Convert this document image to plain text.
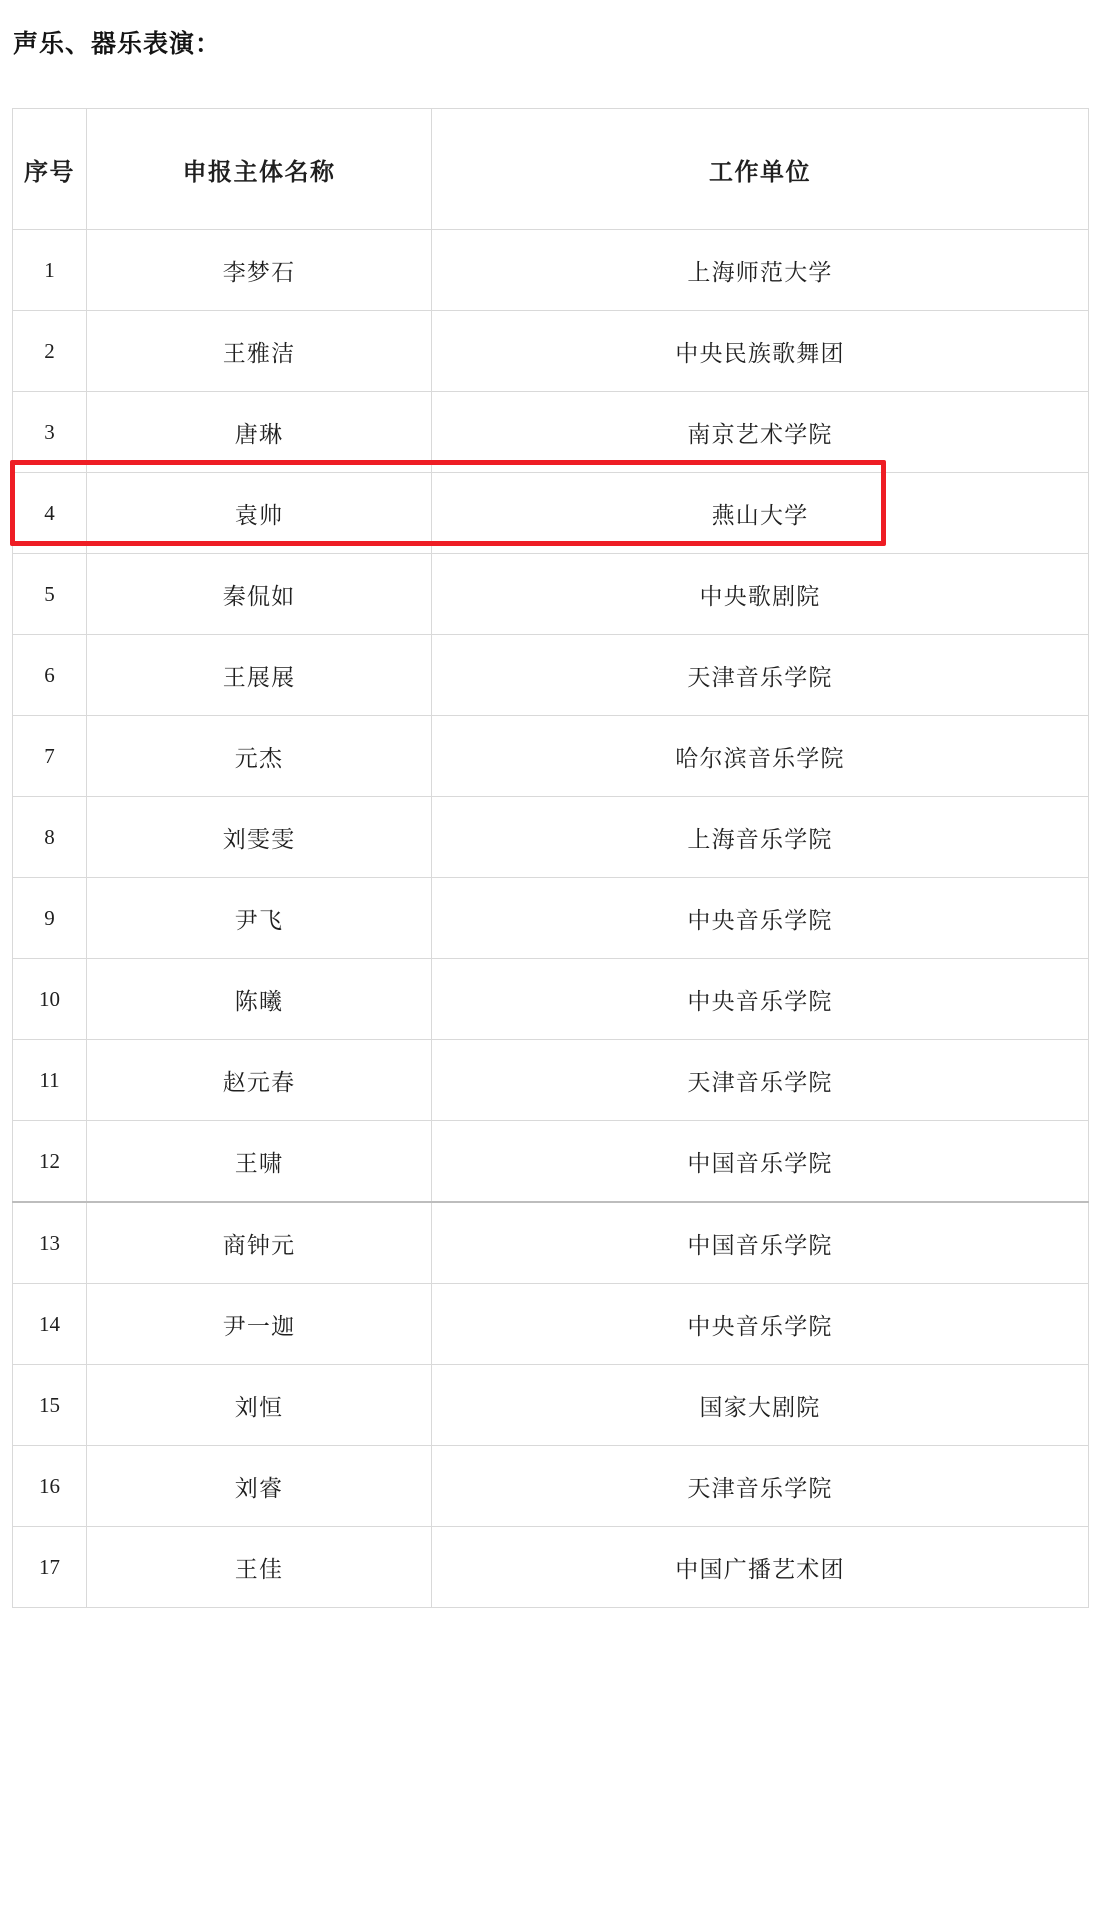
声乐、器乐表演：
序号	申报主体名称	工作单位
1	李梦石	上海师范大学
2	王雅洁	中央民族歌舞团
3	唐琳	南京艺术学院
4	袁帅	燕山大学
5	秦侃如	中央歌剧院
6	王展展	天津音乐学院
7	元杰	哈尔滨音乐学院
8	刘雯雯	上海音乐学院
9	尹飞	中央音乐学院
10	陈曦	中央音乐学院
11	赵元春	天津音乐学院
12	王啸	中国音乐学院
13	商钟元	中国音乐学院
14	尹一迦	中央音乐学院
15	刘恒	国家大剧院
16	刘睿	天津音乐学院
17	王佳	中国广播艺术团
